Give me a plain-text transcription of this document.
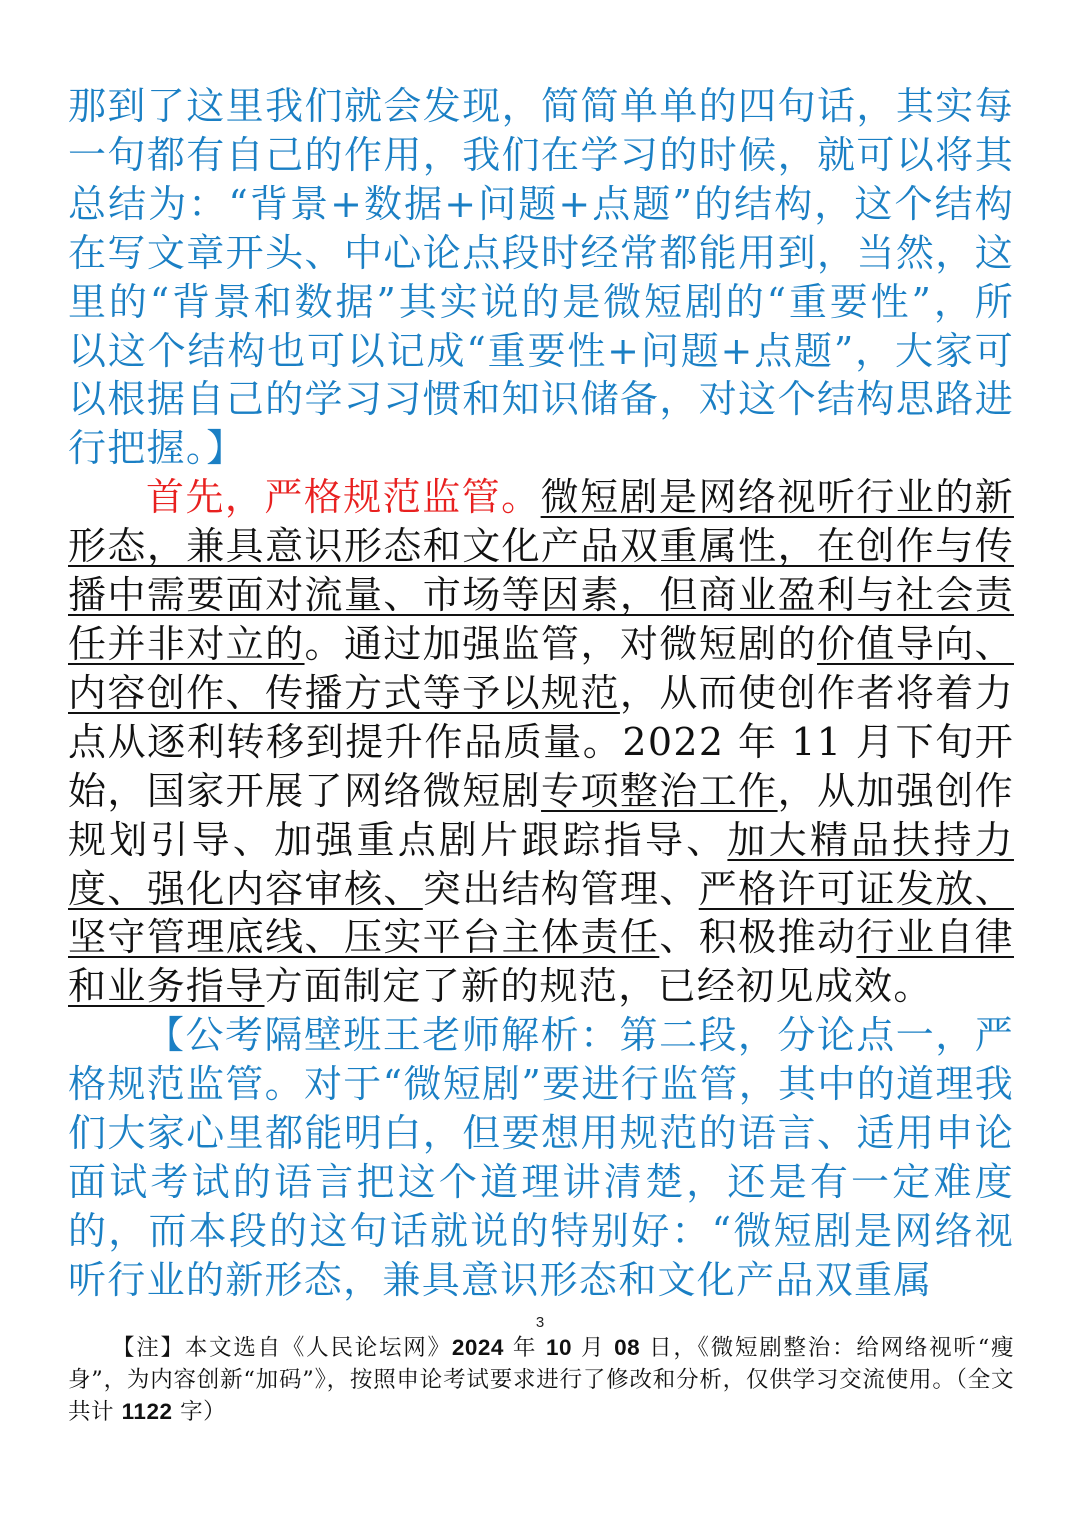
那到了这里我们就会发现，简简单单的四句话，其实每一句都有自己的作用，我们在学习的时候，就可以将其总结为：“背景+数据+问题+点题”的结构，这个结构在写文章开头、中心论点段时经常都能用到，当然，这里的“背景和数据”其实说的是微短剧的“重要性”，所以这个结构也可以记成“重要性+问题+点题”，大家可以根据自己的学习习惯和知识储备，对这个结构思路进行把握。】

首先，严格规范监管。微短剧是网络视听行业的新形态，兼具意识形态和文化产品双重属性，在创作与传播中需要面对流量、市场等因素，但商业盈利与社会责任并非对立的。通过加强监管，对微短剧的价值导向、内容创作、传播方式等予以规范，从而使创作者将着力点从逐利转移到提升作品质量。2022 年 11 月下旬开始，国家开展了网络微短剧专项整治工作，从加强创作规划引导、加强重点剧片跟踪指导、加大精品扶持力度、强化内容审核、突出结构管理、严格许可证发放、坚守管理底线、压实平台主体责任、积极推动行业自律和业务指导方面制定了新的规范，已经初见成效。

【公考隔壁班王老师解析：第二段，分论点一，严格规范监管。对于“微短剧”要进行监管，其中的道理我们大家心里都能明白，但要想用规范的语言、适用申论面试考试的语言把这个道理讲清楚，还是有一定难度的，而本段的这句话就说的特别好：“微短剧是网络视听行业的新形态，兼具意识形态和文化产品双重属

3
【注】本文选自《人民论坛网》2024 年 10 月 08 日，《微短剧整治：给网络视听“瘦身”，为内容创新“加码”》，按照申论考试要求进行了修改和分析，仅供学习交流使用。（全文共计 1122 字）
